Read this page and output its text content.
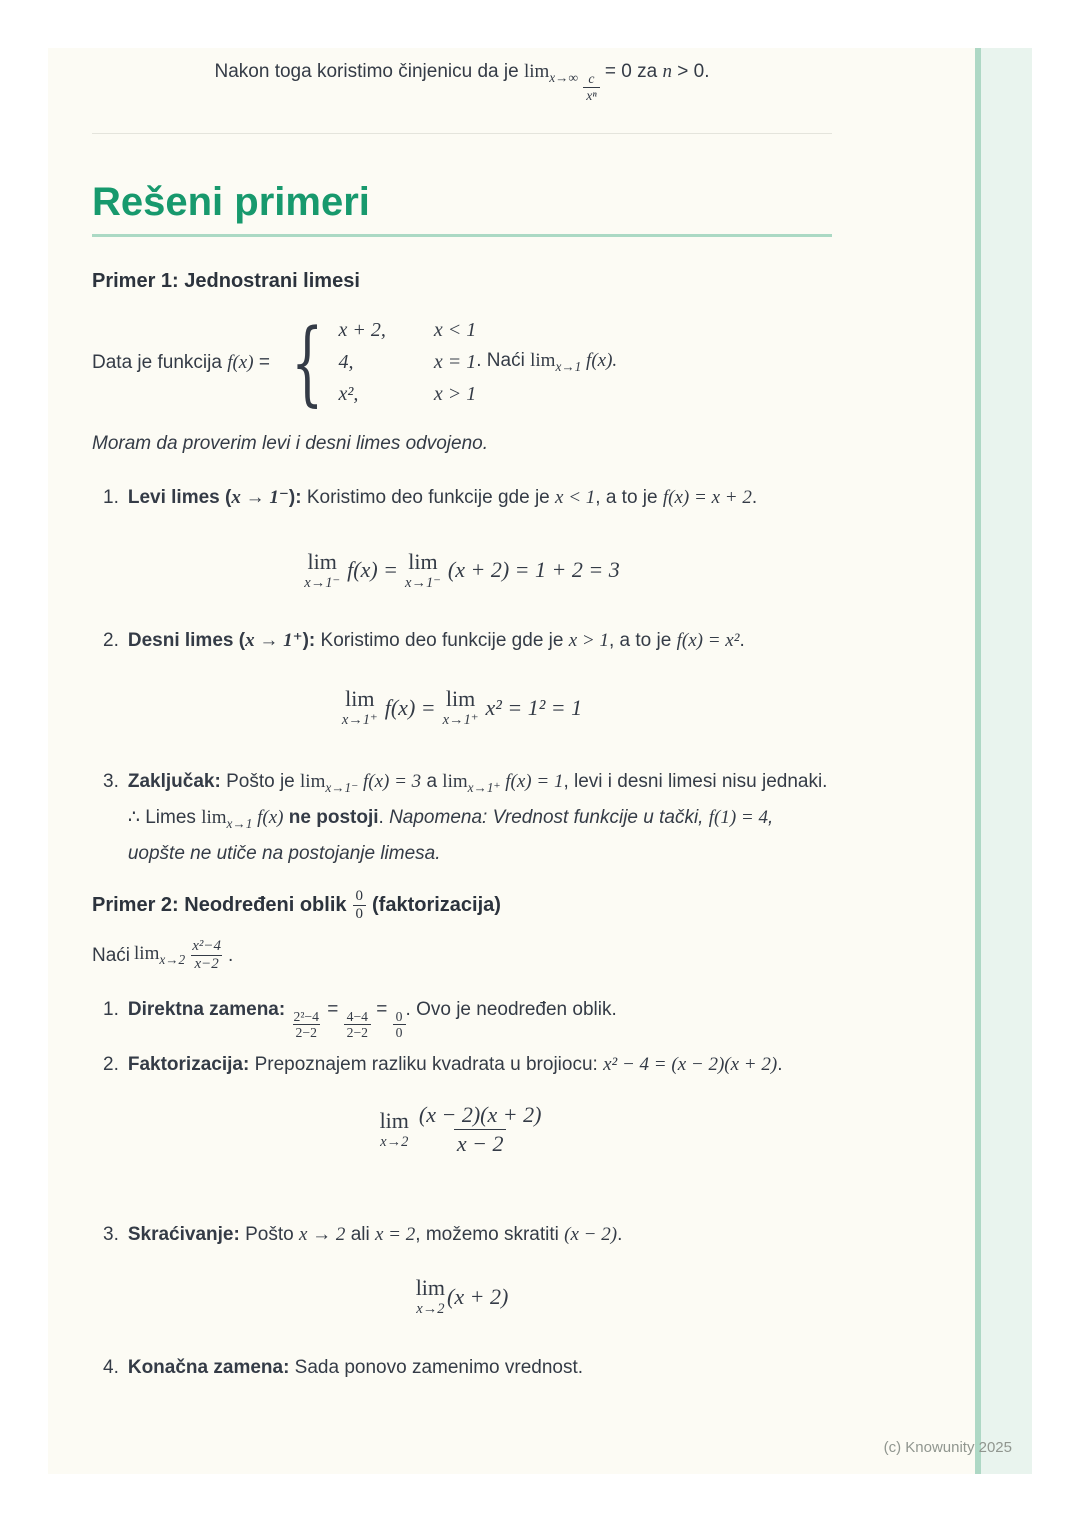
Nakon toga koristimo činjenicu da je $\lim_{x\to\infty} \frac{c}{\text{xⁿ}} = 0$ za n > 0.

Rešeni primeri
Primer 1: Jednostrani limesi
Data je funkcija f(x) = { x + 2, x < 1
4,	x = 1
x²,	x > 1
. Naći $\lim_{x\to 1} f(x)$.

Moram da proverim levi i desni limes odvojeno.

1. Levi limes (x → 1⁻): Koristimo deo funkcije gde je x < 1, a to je f(x) = x + 2.
lim
x→1⁻
f(x) = lim
x→1⁻
(x + 2) = 1 + 2 = 3
2. Desni limes (x → 1⁺): Koristimo deo funkcije gde je x > 1, a to je f(x) = x².
lim
x→1⁺
f(x) = lim
x→1⁺
x² = 1² = 1
3. Zaključak: Pošto je $\lim_{x\to 1^-} f(x) = 3$ a $\lim_{x\to 1^+} f(x) = 1$, levi i desni limesi nisu jednaki. ∴ Limes $\lim_{x\to 1} f(x)$ ne postoji. Napomena: Vrednost funkcije u tački, f(1) = 4, uopšte ne utiče na postojanje limesa.
Primer 2: Neodređeni oblik $\frac{0}{0}$ (faktorizacija)
Naći $\lim_{x\to 2} \frac{\text{x²−4}}{x-2}$ .
1. Direktna zamena: $\frac{\text{2²−4}}{2-2} = \frac{4-4}{2-2} = \frac{0}{0}$ . Ovo je neodređen oblik.
2. Faktorizacija: Prepoznajem razliku kvadrata u brojiocu: x² − 4 = (x − 2)(x + 2).
lim
$x\to 2 \frac{(x - 2)(x + 2)}{x - 2}$
3. Skraćivanje: Pošto x → 2 ali x = 2, možemo skratiti (x − 2).
lim
x→2
(x + 2)
4. Konačna zamena: Sada ponovo zamenimo vrednost.
(c) Knowunity 2025
